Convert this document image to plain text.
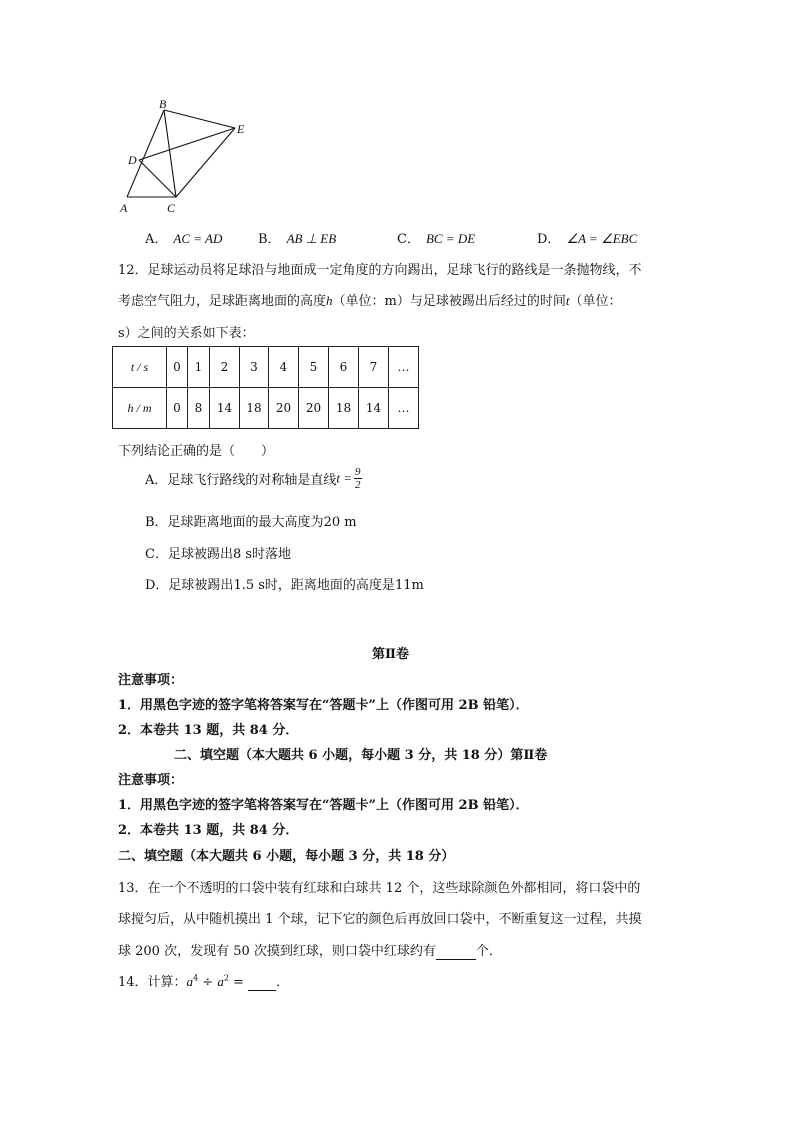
B
E
D
A	C
A． AC = AD	B． AB ⊥ EB	C． BC = DE	D． ∠A = ∠EBC
12．足球运动员将足球沿与地面成一定角度的方向踢出，足球飞行的路线是一条抛物线，不
考虑空气阻力，足球距离地面的高度h（单位：m）与足球被踢出后经过的时间t（单位：
s）之间的关系如下表：
t / s	0	1	2	3	4	5	6	7	…
h / m	0	8	14	18	20	20	18	14	…
下列结论正确的是（　　）
A．足球飞行路线的对称轴是直线$t = \frac{9}{2}$
B．足球距离地面的最大高度为20 m
C．足球被踢出8 s时落地
D．足球被踢出1.5 s时，距离地面的高度是11m
第Ⅱ卷
注意事项：
1．用黑色字迹的签字笔将答案写在“答题卡”上（作图可用 2B 铅笔）．
2．本卷共 13 题，共 84 分．
二、填空题（本大题共 6 小题，每小题 3 分，共 18 分）第Ⅱ卷
注意事项：
1．用黑色字迹的签字笔将答案写在“答题卡”上（作图可用 2B 铅笔）．
2．本卷共 13 题，共 84 分．
二、填空题（本大题共 6 小题，每小题 3 分，共 18 分）
13．在一个不透明的口袋中装有红球和白球共 12 个，这些球除颜色外都相同，将口袋中的
球搅匀后，从中随机摸出 1 个球，记下它的颜色后再放回口袋中，不断重复这一过程，共摸
球 200 次，发现有 50 次摸到红球，则口袋中红球约有	个．
14．计算：$a^4 \div a^2$ =  ．
